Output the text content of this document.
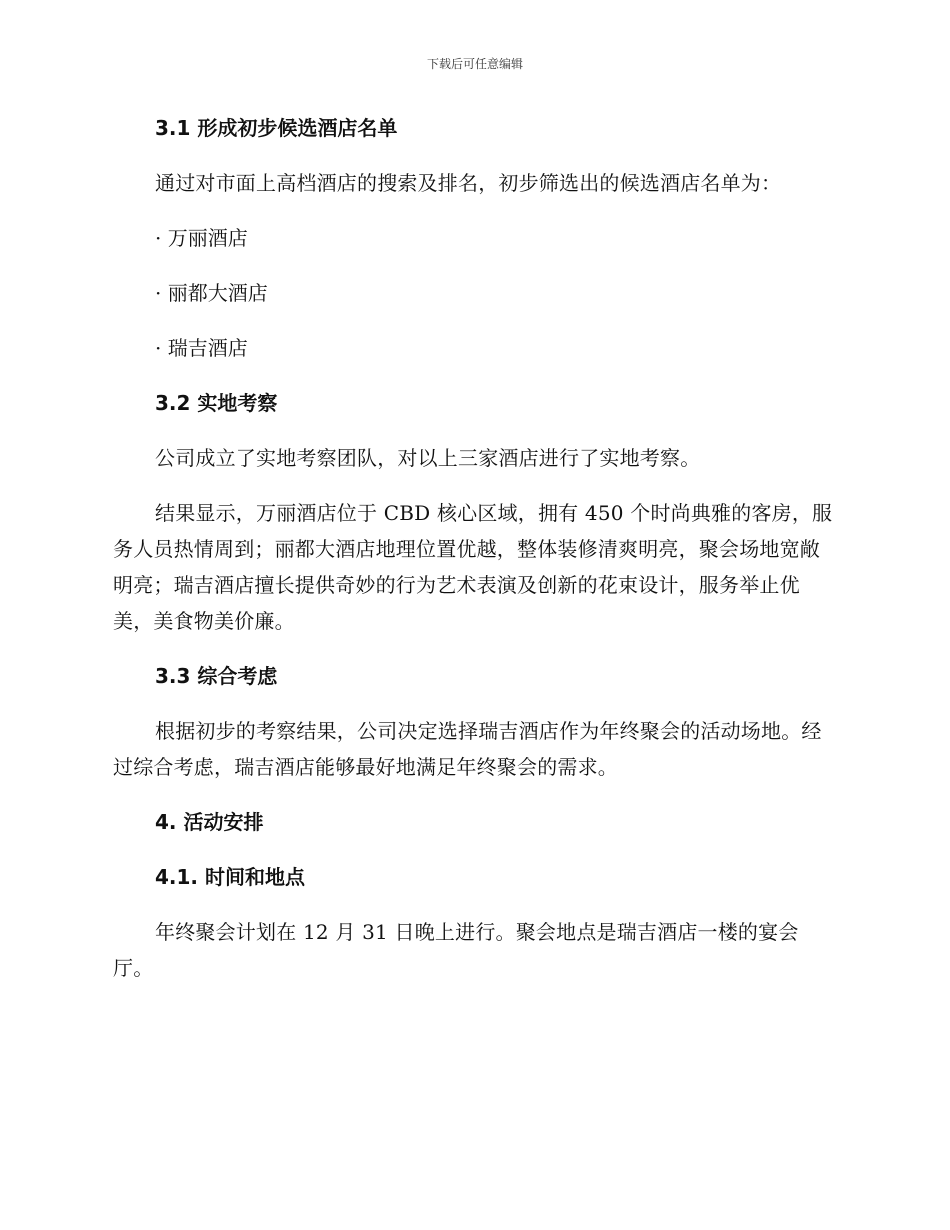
下载后可任意编辑
3.1 形成初步候选酒店名单
通过对市面上高档酒店的搜索及排名，初步筛选出的候选酒店名单为：
· 万丽酒店
· 丽都大酒店
· 瑞吉酒店
3.2 实地考察
公司成立了实地考察团队，对以上三家酒店进行了实地考察。
结果显示，万丽酒店位于 CBD 核心区域，拥有 450 个时尚典雅的客房，服务人员热情周到；丽都大酒店地理位置优越，整体装修清爽明亮，聚会场地宽敞明亮；瑞吉酒店擅长提供奇妙的行为艺术表演及创新的花束设计，服务举止优美，美食物美价廉。
3.3 综合考虑
根据初步的考察结果，公司决定选择瑞吉酒店作为年终聚会的活动场地。经过综合考虑，瑞吉酒店能够最好地满足年终聚会的需求。
4. 活动安排
4.1. 时间和地点
年终聚会计划在 12 月 31 日晚上进行。聚会地点是瑞吉酒店一楼的宴会厅。
